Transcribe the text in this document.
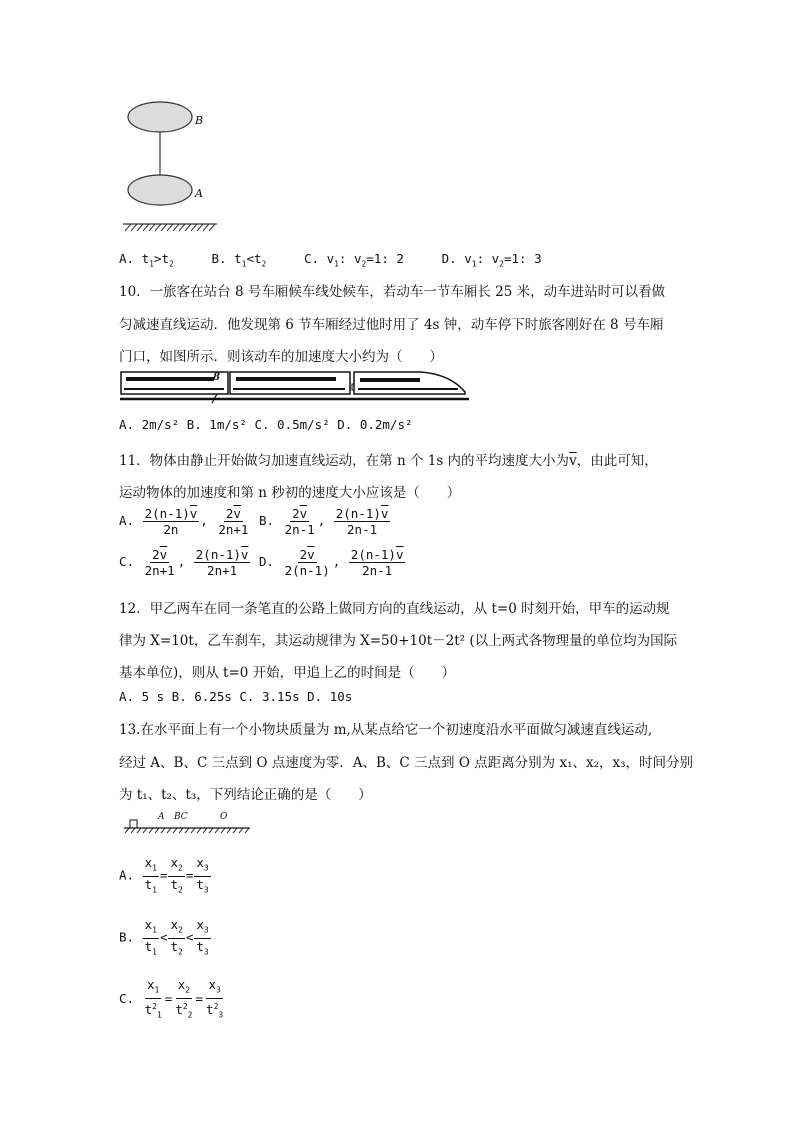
B
A
A. $t_1>t_2$	B. $t_1<t_2$	C. $v_1$: $v_2=1$: 2	D. $v_1$: $v_2=1$: 3
10．一旅客在站台 8 号车厢候车线处候车，若动车一节车厢长 25 米，动车进站时可以看做
匀减速直线运动．他发现第 6 节车厢经过他时用了 4s 钟，动车停下时旅客刚好在 8 号车厢
门口，如图所示．则该动车的加速度大小约为（　　）
8
A. 2m/s² B. 1m/s² C. 0.5m/s² D. 0.2m/s²
11．物体由静止开始做匀加速直线运动，在第 n 个 1s 内的平均速度大小为$\overline{v}$，由此可知，
运动物体的加速度和第 n 秒初的速度大小应该是（　　）
A. $\frac{2(n-1)\overline{v}}{2n}$ , $\frac{2\overline{v}}{2n+1} B$. $\frac{2\overline{v}}{2n-1}$ , $\frac{2(n-1)\overline{v}}{2n-1}$
C. $\frac{2\overline{v}}{2n+1}$ , $\frac{2(n-1)\overline{v}}{2n+1} D$. $\frac{2\overline{v}}{2(n-1)}$ , $\frac{2(n-1)\overline{v}}{2n-1}$
12．甲乙两车在同一条笔直的公路上做同方向的直线运动，从 t=0 时刻开始，甲车的运动规
律为 X=10t，乙车刹车，其运动规律为 X=50+10t－2t² (以上两式各物理量的单位均为国际
基本单位)，则从 t=0 开始，甲追上乙的时间是（　　）
A. 5 s B. 6.25s C. 3.15s D. 10s
13.在水平面上有一个小物块质量为 m,从某点给它一个初速度沿水平面做匀减速直线运动,
经过 A、B、C 三点到 O 点速度为零．A、B、C 三点到 O 点距离分别为 x₁、x₂，x₃，时间分别
为 t₁、t₂、t₃，下列结论正确的是（　　）
A BC	O
A. $\frac{x_1}{t_1} = \frac{x_2}{t_2} = \frac{x_3}{t_3}$
B. $\frac{x_1}{t_1} < \frac{x_2}{t_2} < \frac{x_3}{t_3}$
C. $\frac{x_1}{t^2_1} = \frac{x_2}{t^2_2} = \frac{x_3}{t^2_3}$
